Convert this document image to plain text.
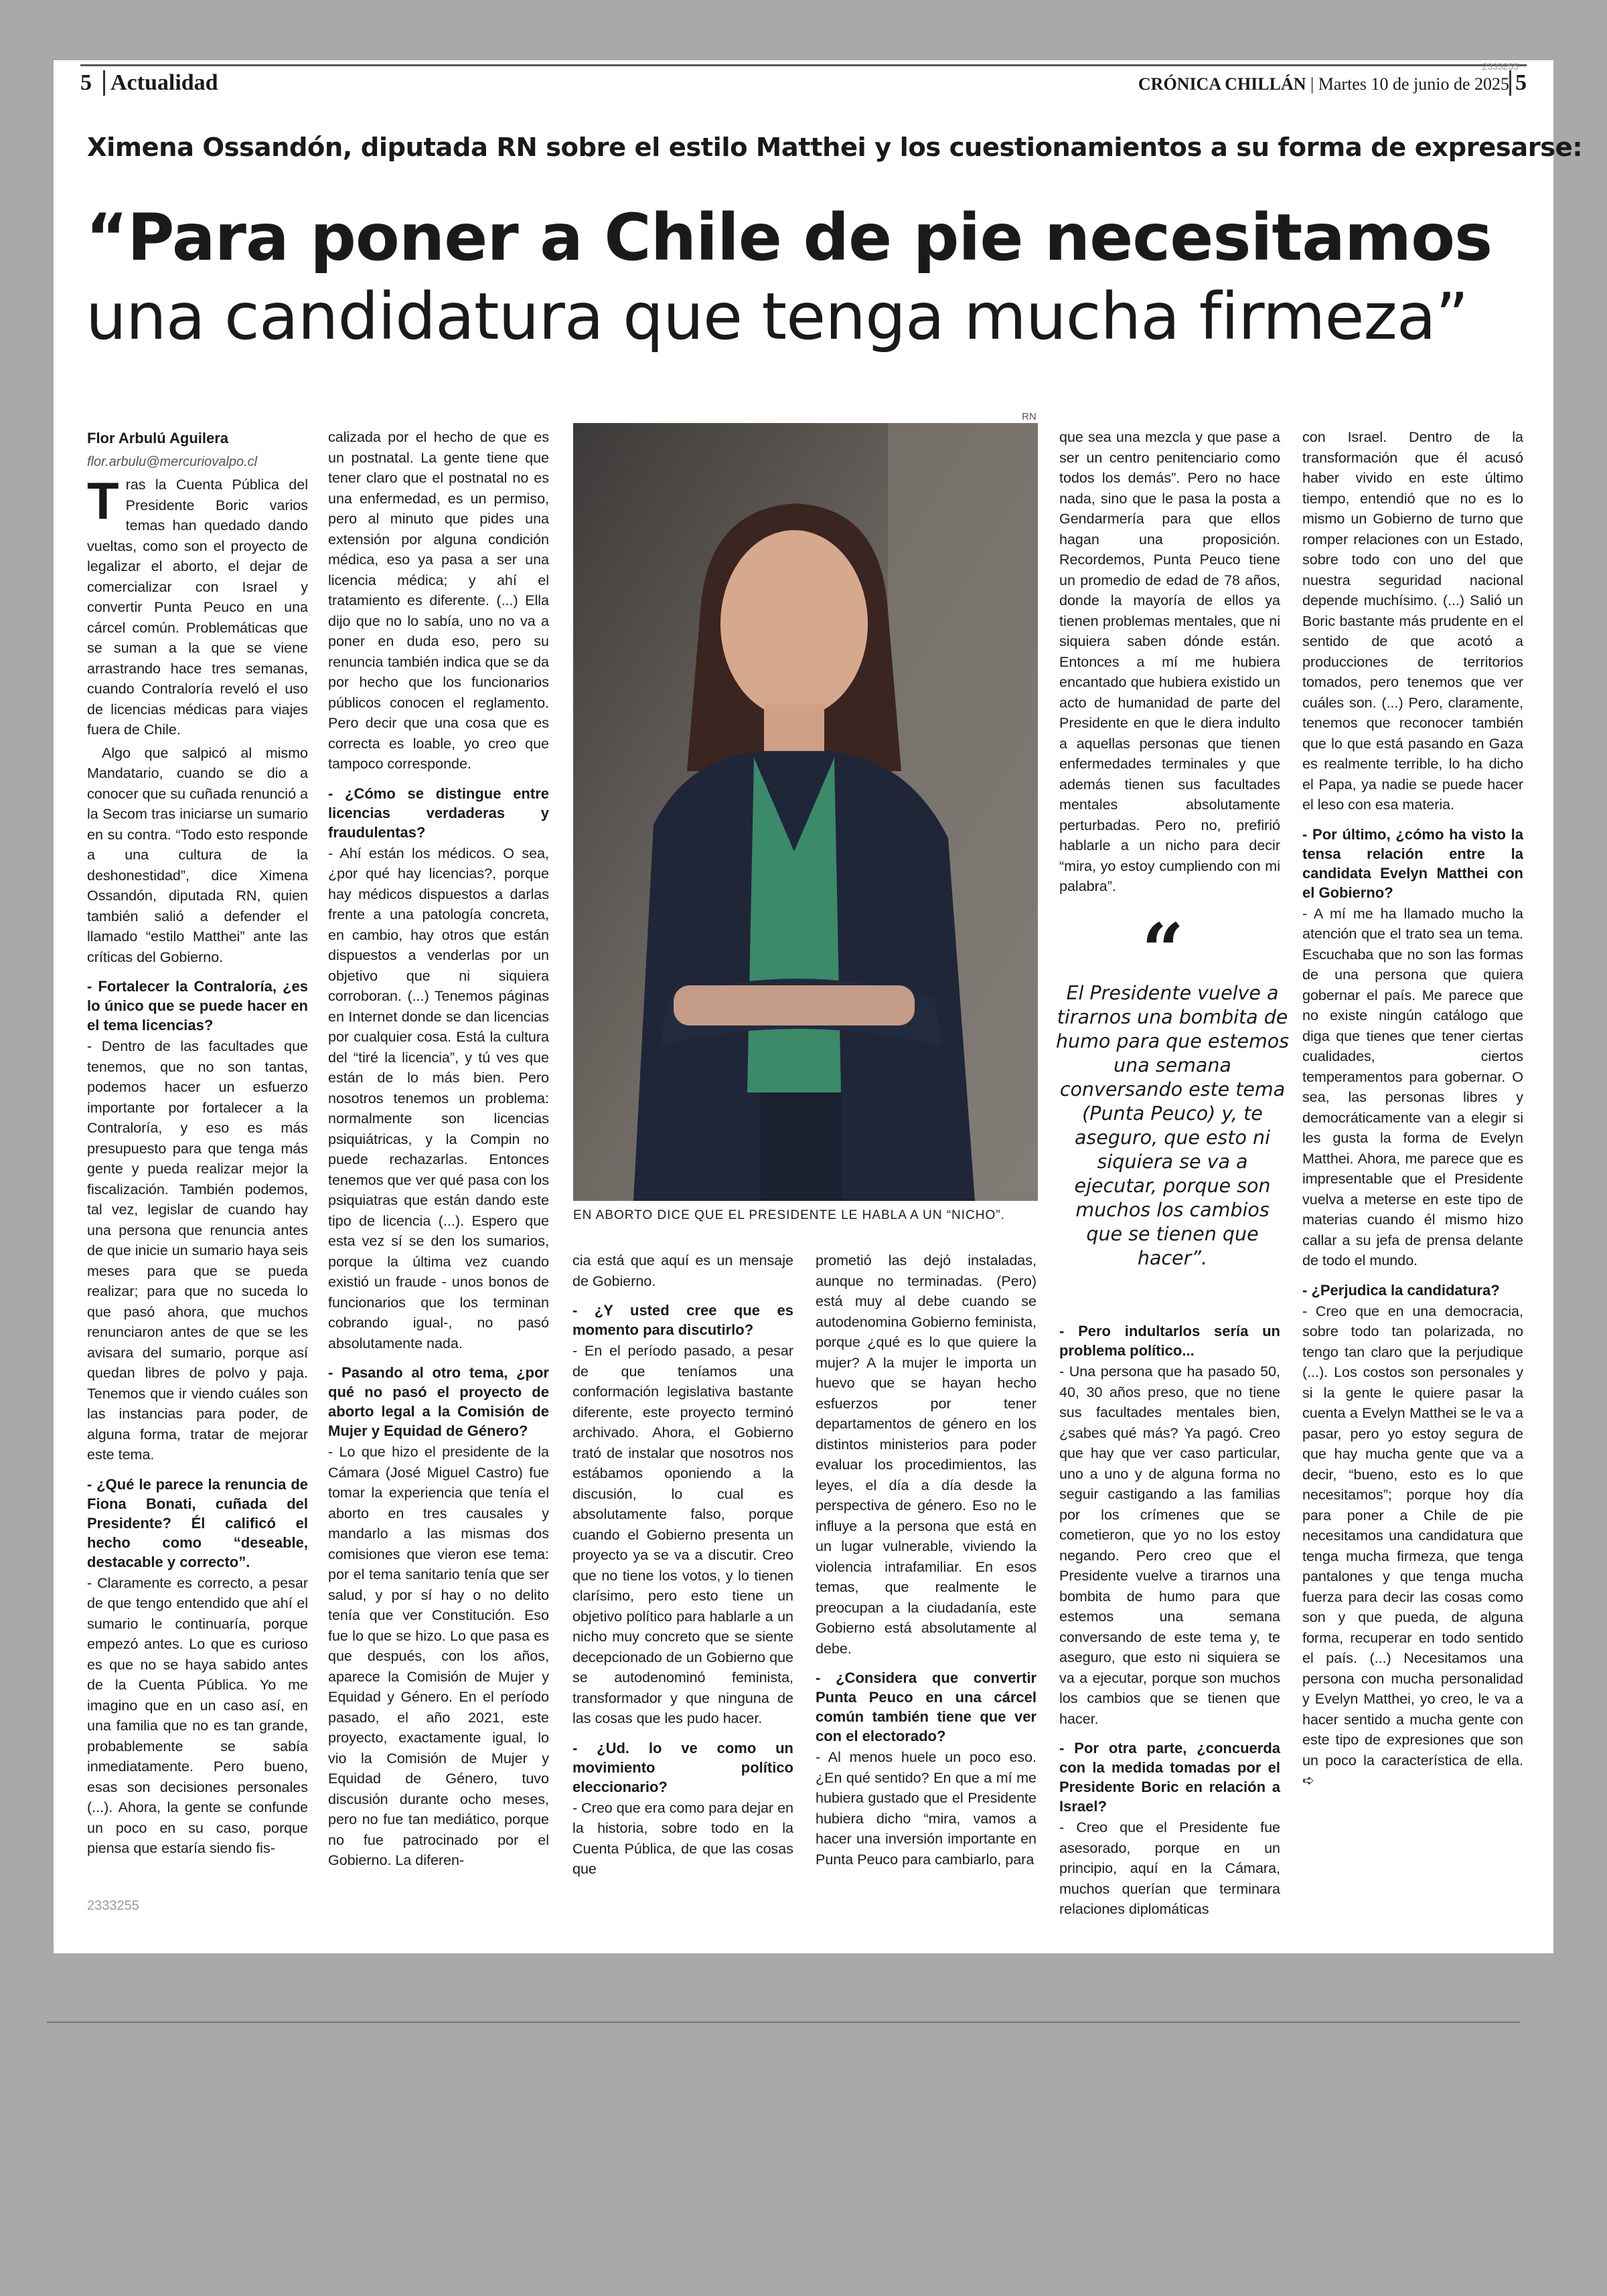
5 Actualidad
2333255
CRÓNICA CHILLÁN | Martes 10 de junio de 2025 5
Ximena Ossandón, diputada RN sobre el estilo Matthei y los cuestionamientos a su forma de expresarse:
“Para poner a Chile de pie necesitamos
una candidatura que tenga mucha firmeza”

Flor Arbulú Aguilera

flor.arbulu@mercuriovalpo.cl

Tras la Cuenta Pública del Presidente Boric varios temas han quedado dando vueltas, como son el proyecto de legalizar el aborto, el dejar de comercializar con Israel y convertir Punta Peuco en una cárcel común. Problemáticas que se suman a la que se viene arrastrando hace tres semanas, cuando Contraloría reveló el uso de licencias médicas para viajes fuera de Chile.

Algo que salpicó al mismo Mandatario, cuando se dio a conocer que su cuñada renunció a la Secom tras iniciarse un sumario en su contra. “Todo esto responde a una cultura de la deshonestidad”, dice Ximena Ossandón, diputada RN, quien también salió a defender el llamado “estilo Matthei” ante las críticas del Gobierno.

- Fortalecer la Contraloría, ¿es lo único que se puede hacer en el tema licencias?

- Dentro de las facultades que tenemos, que no son tantas, podemos hacer un esfuerzo importante por fortalecer a la Contraloría, y eso es más presupuesto para que tenga más gente y pueda realizar mejor la fiscalización. También podemos, tal vez, legislar de cuando hay una persona que renuncia antes de que inicie un sumario haya seis meses para que se pueda realizar; para que no suceda lo que pasó ahora, que muchos renunciaron antes de que se les avisara del sumario, porque así quedan libres de polvo y paja. Tenemos que ir viendo cuáles son las instancias para poder, de alguna forma, tratar de mejorar este tema.

- ¿Qué le parece la renuncia de Fiona Bonati, cuñada del Presidente? Él calificó el hecho como “deseable, destacable y correcto”.

- Claramente es correcto, a pesar de que tengo entendido que ahí el sumario le continuaría, porque empezó antes. Lo que es curioso es que no se haya sabido antes de la Cuenta Pública. Yo me imagino que en un caso así, en una familia que no es tan grande, probablemente se sabía inmediatamente. Pero bueno, esas son decisiones personales (...). Ahora, la gente se confunde un poco en su caso, porque piensa que estaría siendo fis-

calizada por el hecho de que es un postnatal. La gente tiene que tener claro que el postnatal no es una enfermedad, es un permiso, pero al minuto que pides una extensión por alguna condición médica, eso ya pasa a ser una licencia médica; y ahí el tratamiento es diferente. (...) Ella dijo que no lo sabía, uno no va a poner en duda eso, pero su renuncia también indica que se da por hecho que los funcionarios públicos conocen el reglamento. Pero decir que una cosa que es correcta es loable, yo creo que tampoco corresponde.

- ¿Cómo se distingue entre licencias verdaderas y fraudulentas?

- Ahí están los médicos. O sea, ¿por qué hay licencias?, porque hay médicos dispuestos a darlas frente a una patología concreta, en cambio, hay otros que están dispuestos a venderlas por un objetivo que ni siquiera corroboran. (...) Tenemos páginas en Internet donde se dan licencias por cualquier cosa. Está la cultura del “tiré la licencia”, y tú ves que están de lo más bien. Pero nosotros tenemos un problema: normalmente son licencias psiquiátricas, y la Compin no puede rechazarlas. Entonces tenemos que ver qué pasa con los psiquiatras que están dando este tipo de licencia (...). Espero que esta vez sí se den los sumarios, porque la última vez cuando existió un fraude - unos bonos de funcionarios que los terminan cobrando igual-, no pasó absolutamente nada.

- Pasando al otro tema, ¿por qué no pasó el proyecto de aborto legal a la Comisión de Mujer y Equidad de Género?

- Lo que hizo el presidente de la Cámara (José Miguel Castro) fue tomar la experiencia que tenía el aborto en tres causales y mandarlo a las mismas dos comisiones que vieron ese tema: por el tema sanitario tenía que ser salud, y por sí hay o no delito tenía que ver Constitución. Eso fue lo que se hizo. Lo que pasa es que después, con los años, aparece la Comisión de Mujer y Equidad y Género. En el período pasado, el año 2021, este proyecto, exactamente igual, lo vio la Comisión de Mujer y Equidad de Género, tuvo discusión durante ocho meses, pero no fue tan mediático, porque no fue patrocinado por el Gobierno. La diferen-

RN
EN ABORTO DICE QUE EL PRESIDENTE LE HABLA A UN “NICHO”.

cia está que aquí es un mensaje de Gobierno.

- ¿Y usted cree que es momento para discutirlo?

- En el período pasado, a pesar de que teníamos una conformación legislativa bastante diferente, este proyecto terminó archivado. Ahora, el Gobierno trató de instalar que nosotros nos estábamos oponiendo a la discusión, lo cual es absolutamente falso, porque cuando el Gobierno presenta un proyecto ya se va a discutir. Creo que no tiene los votos, y lo tienen clarísimo, pero esto tiene un objetivo político para hablarle a un nicho muy concreto que se siente decepcionado de un Gobierno que se autodenominó feminista, transformador y que ninguna de las cosas que les pudo hacer.

- ¿Ud. lo ve como un movimiento político eleccionario?

- Creo que era como para dejar en la historia, sobre todo en la Cuenta Pública, de que las cosas que

prometió las dejó instaladas, aunque no terminadas. (Pero) está muy al debe cuando se autodenomina Gobierno feminista, porque ¿qué es lo que quiere la mujer? A la mujer le importa un huevo que se hayan hecho esfuerzos por tener departamentos de género en los distintos ministerios para poder evaluar los procedimientos, las leyes, el día a día desde la perspectiva de género. Eso no le influye a la persona que está en un lugar vulnerable, viviendo la violencia intrafamiliar. En esos temas, que realmente le preocupan a la ciudadanía, este Gobierno está absolutamente al debe.

- ¿Considera que convertir Punta Peuco en una cárcel común también tiene que ver con el electorado?

- Al menos huele un poco eso. ¿En qué sentido? En que a mí me hubiera gustado que el Presidente hubiera dicho “mira, vamos a hacer una inversión importante en Punta Peuco para cambiarlo, para

que sea una mezcla y que pase a ser un centro penitenciario como todos los demás”. Pero no hace nada, sino que le pasa la posta a Gendarmería para que ellos hagan una proposición. Recordemos, Punta Peuco tiene un promedio de edad de 78 años, donde la mayoría de ellos ya tienen problemas mentales, que ni siquiera saben dónde están. Entonces a mí me hubiera encantado que hubiera existido un acto de humanidad de parte del Presidente en que le diera indulto a aquellas personas que tienen enfermedades terminales y que además tienen sus facultades mentales absolutamente perturbadas. Pero no, prefirió hablarle a un nicho para decir “mira, yo estoy cumpliendo con mi palabra”.

“
El Presidente vuelve a tirarnos una bombita de humo para que estemos una semana conversando este tema (Punta Peuco) y, te aseguro, que esto ni siquiera se va a ejecutar, porque son muchos los cambios que se tienen que hacer”.
- Pero indultarlos sería un problema político...

- Una persona que ha pasado 50, 40, 30 años preso, que no tiene sus facultades mentales bien, ¿sabes qué más? Ya pagó. Creo que hay que ver caso particular, uno a uno y de alguna forma no seguir castigando a las familias por los crímenes que se cometieron, que yo no los estoy negando. Pero creo que el Presidente vuelve a tirarnos una bombita de humo para que estemos una semana conversando de este tema y, te aseguro, que esto ni siquiera se va a ejecutar, porque son muchos los cambios que se tienen que hacer.

- Por otra parte, ¿concuerda con la medida tomadas por el Presidente Boric en relación a Israel?

- Creo que el Presidente fue asesorado, porque en un principio, aquí en la Cámara, muchos querían que terminara relaciones diplomáticas

con Israel. Dentro de la transformación que él acusó haber vivido en este último tiempo, entendió que no es lo mismo un Gobierno de turno que romper relaciones con un Estado, sobre todo con uno del que nuestra seguridad nacional depende muchísimo. (...) Salió un Boric bastante más prudente en el sentido de que acotó a producciones de territorios tomados, pero tenemos que ver cuáles son. (...) Pero, claramente, tenemos que reconocer también que lo que está pasando en Gaza es realmente terrible, lo ha dicho el Papa, ya nadie se puede hacer el leso con esa materia.

- Por último, ¿cómo ha visto la tensa relación entre la candidata Evelyn Matthei con el Gobierno?

- A mí me ha llamado mucho la atención que el trato sea un tema. Escuchaba que no son las formas de una persona que quiera gobernar el país. Me parece que no existe ningún catálogo que diga que tienes que tener ciertas cualidades, ciertos temperamentos para gobernar. O sea, las personas libres y democráticamente van a elegir si les gusta la forma de Evelyn Matthei. Ahora, me parece que es impresentable que el Presidente vuelva a meterse en este tipo de materias cuando él mismo hizo callar a su jefa de prensa delante de todo el mundo.

- ¿Perjudica la candidatura?

- Creo que en una democracia, sobre todo tan polarizada, no tengo tan claro que la perjudique (...). Los costos son personales y si la gente le quiere pasar la cuenta a Evelyn Matthei se le va a pasar, pero yo estoy segura de que hay mucha gente que va a decir, “bueno, esto es lo que necesitamos”; porque hoy día para poner a Chile de pie necesitamos una candidatura que tenga mucha firmeza, que tenga pantalones y que tenga mucha fuerza para decir las cosas como son y que pueda, de alguna forma, recuperar en todo sentido el país. (...) Necesitamos una persona con mucha personalidad y Evelyn Matthei, yo creo, le va a hacer sentido a mucha gente con este tipo de expresiones que son un poco la característica de ella. ➪

2333255
